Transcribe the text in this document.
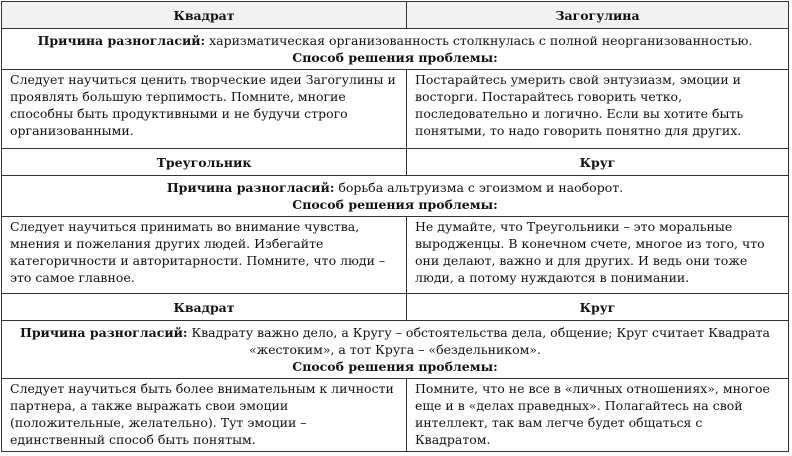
Квадрат	Загогулина
Причина разногласий: харизматическая организованность столкнулась с полной неорганизованностью.
Способ решения проблемы:	

Следует научиться ценить творческие идеи Загогулины и проявлять большую терпимость. Помните, многие способны быть продуктивными и не будучи строго организованными.	Постарайтесь умерить свой энтузиазм, эмоции и восторги. Постарайтесь говорить четко, последовательно и логично. Если вы хотите быть понятыми, то надо говорить понятно для других.

Треугольник	Круг
Причина разногласий: борьба альтруизма с эгоизмом и наоборот.
Способ решения проблемы:	

Следует научиться принимать во внимание чувства, мнения и пожелания других людей. Избегайте категоричности и авторитарности. Помните, что люди – это самое главное.	Не думайте, что Треугольники – это моральные выродженцы. В конечном счете, многое из того, что они делают, важно и для других. И ведь они тоже люди, а потому нуждаются в понимании.

Квадрат	Круг
Причина разногласий: Квадрату важно дело, а Кругу – обстоятельства дела, общение; Круг считает Квадрата «жестоким», а тот Круга – «бездельником».
Способ решения проблемы:	

Следует научиться быть более внимательным к личности партнера, а также выражать свои эмоции (положительные, желательно). Тут эмоции – единственный способ быть понятым.	Помните, что не все в «личных отношениях», многое еще и в «делах праведных». Полагайтесь на свой интеллект, так вам легче будет общаться с Квадратом.
